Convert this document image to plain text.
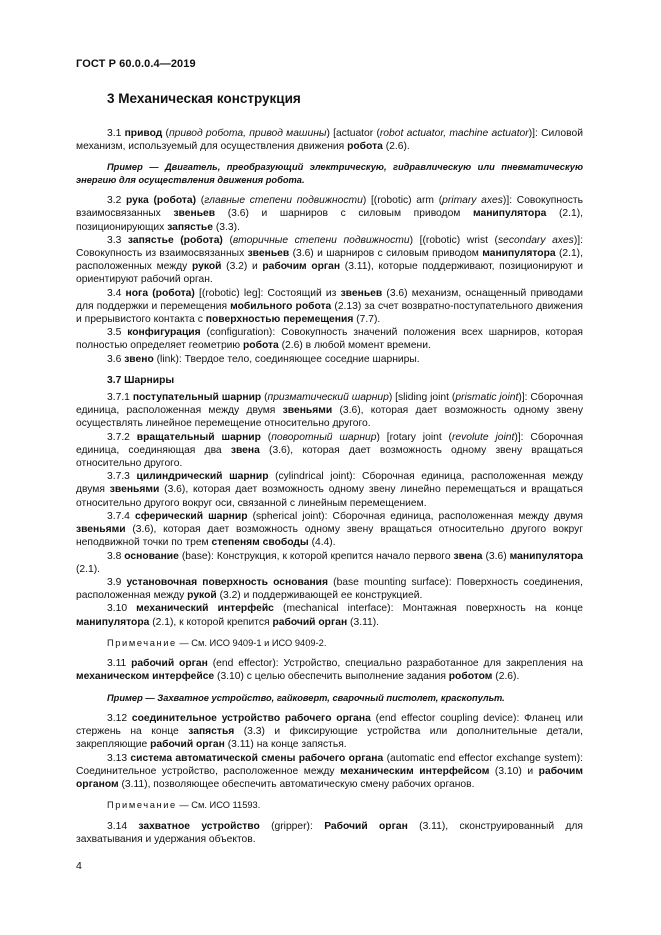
ГОСТ Р 60.0.0.4—2019
3 Механическая конструкция
3.1 привод (привод робота, привод машины) [actuator (robot actuator, machine actuator)]: Силовой механизм, используемый для осуществления движения робота (2.6).
Пример — Двигатель, преобразующий электрическую, гидравлическую или пневматическую энергию для осуществления движения робота.
3.2 рука (робота) (главные степени подвижности) [(robotic) arm (primary axes)]: Совокупность взаимосвязанных звеньев (3.6) и шарниров с силовым приводом манипулятора (2.1), позиционирующих запястье (3.3).
3.3 запястье (робота) (вторичные степени подвижности) [(robotic) wrist (secondary axes)]: Совокупность из взаимосвязанных звеньев (3.6) и шарниров с силовым приводом манипулятора (2.1), расположенных между рукой (3.2) и рабочим орган (3.11), которые поддерживают, позиционируют и ориентируют рабочий орган.
3.4 нога (робота) [(robotic) leg]: Состоящий из звеньев (3.6) механизм, оснащенный приводами для поддержки и перемещения мобильного робота (2.13) за счет возвратно-поступательного движения и прерывистого контакта с поверхностью перемещения (7.7).
3.5 конфигурация (configuration): Совокупность значений положения всех шарниров, которая полностью определяет геометрию робота (2.6) в любой момент времени.
3.6 звено (link): Твердое тело, соединяющее соседние шарниры.
3.7 Шарниры
3.7.1 поступательный шарнир (призматический шарнир) [sliding joint (prismatic joint)]: Сборочная единица, расположенная между двумя звеньями (3.6), которая дает возможность одному звену осуществлять линейное перемещение относительно другого.
3.7.2 вращательный шарнир (поворотный шарнир) [rotary joint (revolute joint)]: Сборочная единица, соединяющая два звена (3.6), которая дает возможность одному звену вращаться относительно другого.
3.7.3 цилиндрический шарнир (cylindrical joint): Сборочная единица, расположенная между двумя звеньями (3.6), которая дает возможность одному звену линейно перемещаться и вращаться относительно другого вокруг оси, связанной с линейным перемещением.
3.7.4 сферический шарнир (spherical joint): Сборочная единица, расположенная между двумя звеньями (3.6), которая дает возможность одному звену вращаться относительно другого вокруг неподвижной точки по трем степеням свободы (4.4).
3.8 основание (base): Конструкция, к которой крепится начало первого звена (3.6) манипулятора (2.1).
3.9 установочная поверхность основания (base mounting surface): Поверхность соединения, расположенная между рукой (3.2) и поддерживающей ее конструкцией.
3.10 механический интерфейс (mechanical interface): Монтажная поверхность на конце манипулятора (2.1), к которой крепится рабочий орган (3.11).
Примечание — См. ИСО 9409-1 и ИСО 9409-2.
3.11 рабочий орган (end effector): Устройство, специально разработанное для закрепления на механическом интерфейсе (3.10) с целью обеспечить выполнение задания роботом (2.6).
Пример — Захватное устройство, гайковерт, сварочный пистолет, краскопульт.
3.12 соединительное устройство рабочего органа (end effector coupling device): Фланец или стержень на конце запястья (3.3) и фиксирующие устройства или дополнительные детали, закрепляющие рабочий орган (3.11) на конце запястья.
3.13 система автоматической смены рабочего органа (automatic end effector exchange system): Соединительное устройство, расположенное между механическим интерфейсом (3.10) и рабочим органом (3.11), позволяющее обеспечить автоматическую смену рабочих органов.
Примечание — См. ИСО 11593.
3.14 захватное устройство (gripper): Рабочий орган (3.11), сконструированный для захватывания и удержания объектов.
4
